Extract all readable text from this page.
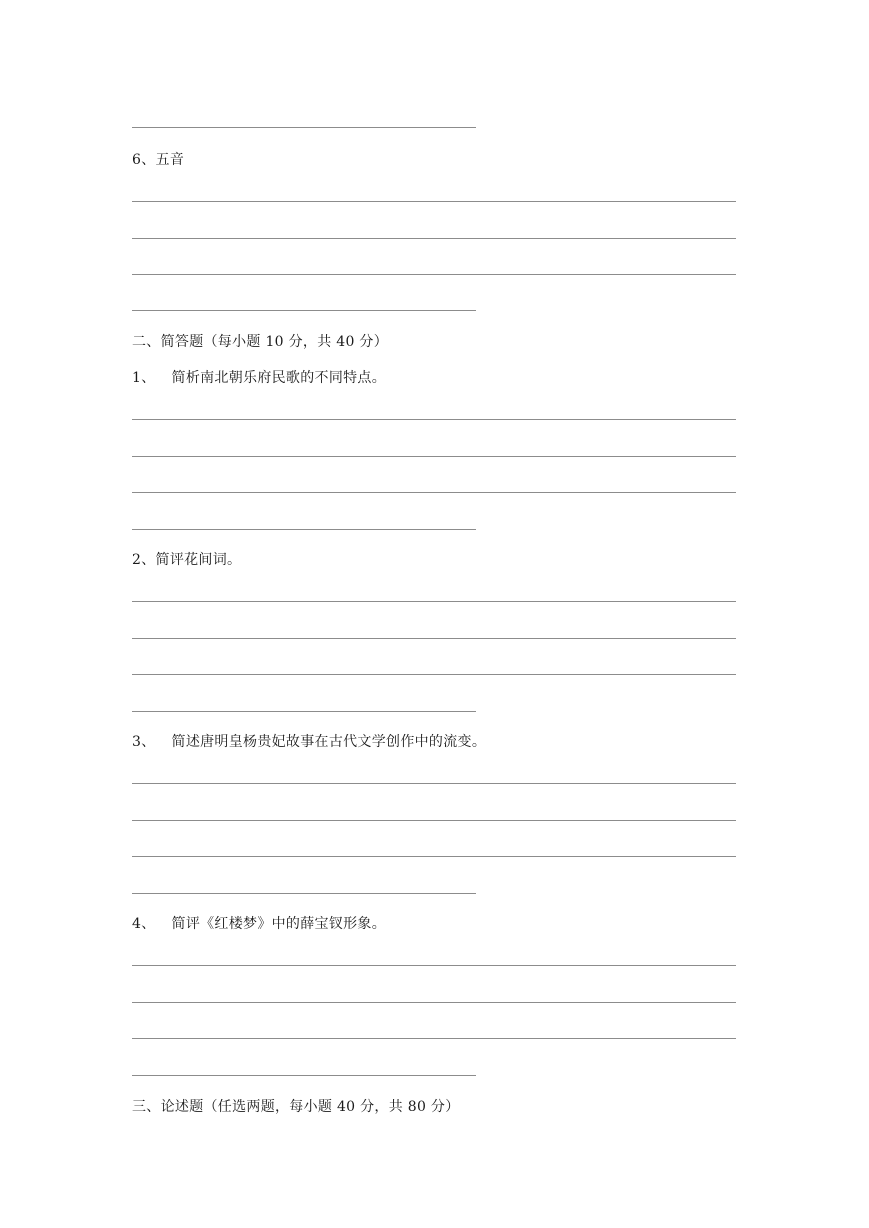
6、五音
二、简答题（每小题 10 分，共 40 分）
1、 简析南北朝乐府民歌的不同特点。
2、简评花间词。
3、 简述唐明皇杨贵妃故事在古代文学创作中的流变。
4、 简评《红楼梦》中的薛宝钗形象。
三、论述题（任选两题，每小题 40 分，共 80 分）
